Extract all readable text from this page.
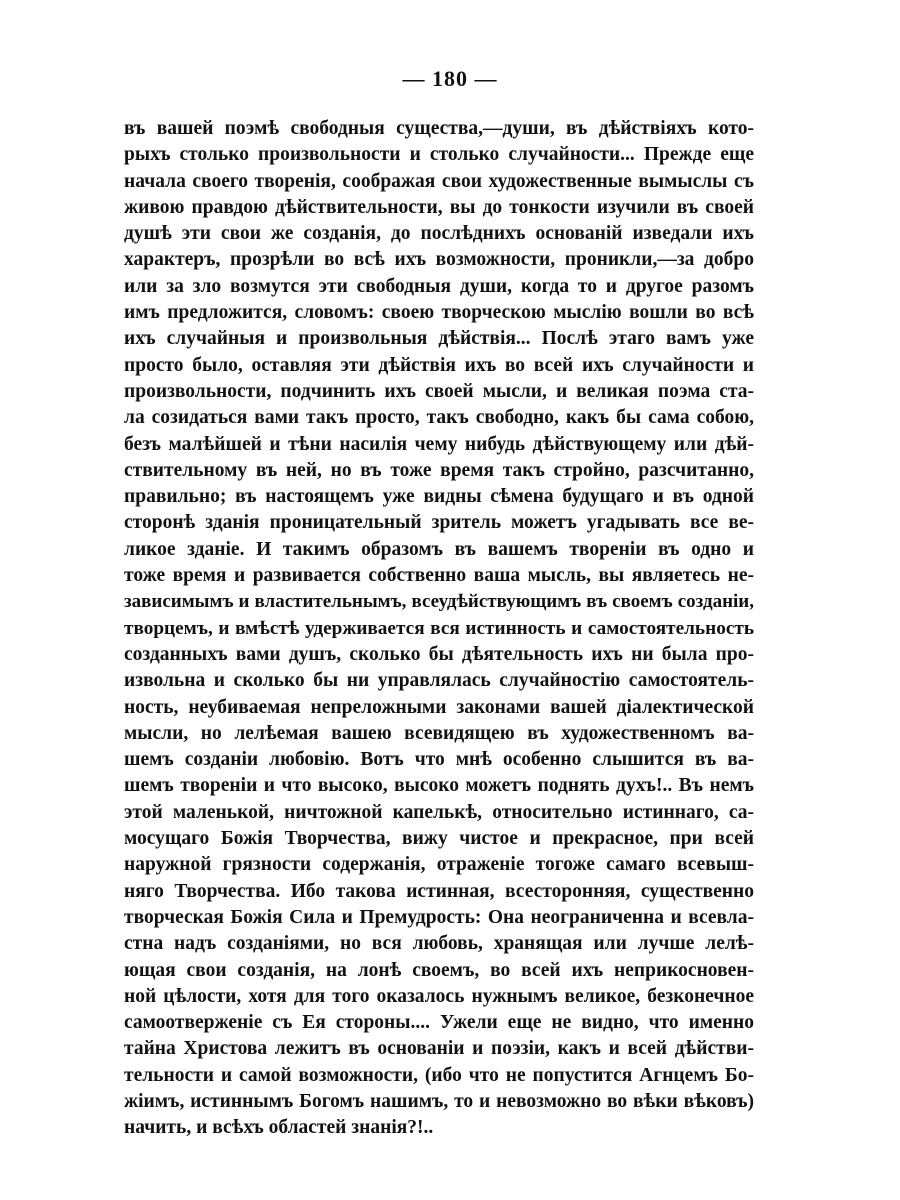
— 180 —
въ вашей поэмѣ свободныя существа,—души, въ дѣйствіяхъ кото-
рыхъ столько произвольности и столько случайности... Прежде еще
начала своего творенія, соображая свои художественные вымыслы съ
живою правдою дѣйствительности, вы до тонкости изучили въ своей
душѣ эти свои же созданія, до послѣднихъ основаній изведали ихъ
характеръ, прозрѣли во всѣ ихъ возможности, проникли,—за добро
или за зло возмутся эти свободныя души, когда то и другое разомъ
имъ предложится, словомъ: своею творческою мыслію вошли во всѣ
ихъ случайныя и произвольныя дѣйствія... Послѣ этаго вамъ уже
просто было, оставляя эти дѣйствія ихъ во всей ихъ случайности и
произвольности, подчинить ихъ своей мысли, и великая поэма ста-
ла созидаться вами такъ просто, такъ свободно, какъ бы сама собою,
безъ малѣйшей и тѣни насилія чему нибудь дѣйствующему или дѣй-
ствительному въ ней, но въ тоже время такъ стройно, разсчитанно,
правильно; въ настоящемъ уже видны сѣмена будущаго и въ одной
сторонѣ зданія проницательный зритель можетъ угадывать все ве-
ликое зданіе. И такимъ образомъ въ вашемъ твореніи въ одно и
тоже время и развивается собственно ваша мысль, вы являетесь не-
зависимымъ и властительнымъ, всеудѣйствующимъ въ своемъ созданіи,
творцемъ, и вмѣстѣ удерживается вся истинность и самостоятельность
созданныхъ вами душъ, сколько бы дѣятельность ихъ ни была про-
извольна и сколько бы ни управлялась случайностію самостоятель-
ность, неубиваемая непреложными законами вашей діалектической
мысли, но лелѣемая вашею всевидящею въ художественномъ ва-
шемъ созданіи любовію. Вотъ что мнѣ особенно слышится въ ва-
шемъ твореніи и что высоко, высоко можетъ поднять духъ!.. Въ немъ
этой маленькой, ничтожной капелькѣ, относительно истиннаго, са-
мосущаго Божія Творчества, вижу чистое и прекрасное, при всей
наружной грязности содержанія, отраженіе тогоже самаго всевыш-
няго Творчества. Ибо такова истинная, всесторонняя, существенно
творческая Божія Сила и Премудрость: Она неограниченна и всевла-
стна надъ созданіями, но вся любовь, хранящая или лучше лелѣ-
ющая свои созданія, на лонѣ своемъ, во всей ихъ неприкосновен-
ной цѣлости, хотя для того оказалось нужнымъ великое, безконечное
самоотверженіе съ Ея стороны.... Ужели еще не видно, что именно
тайна Христова лежитъ въ основаніи и поэзіи, какъ и всей дѣйстви-
тельности и самой возможности, (ибо что не попустится Агнцемъ Бо-
жіимъ, истиннымъ Богомъ нашимъ, то и невозможно во вѣки вѣковъ)
начить, и всѣхъ областей знанія?!..
